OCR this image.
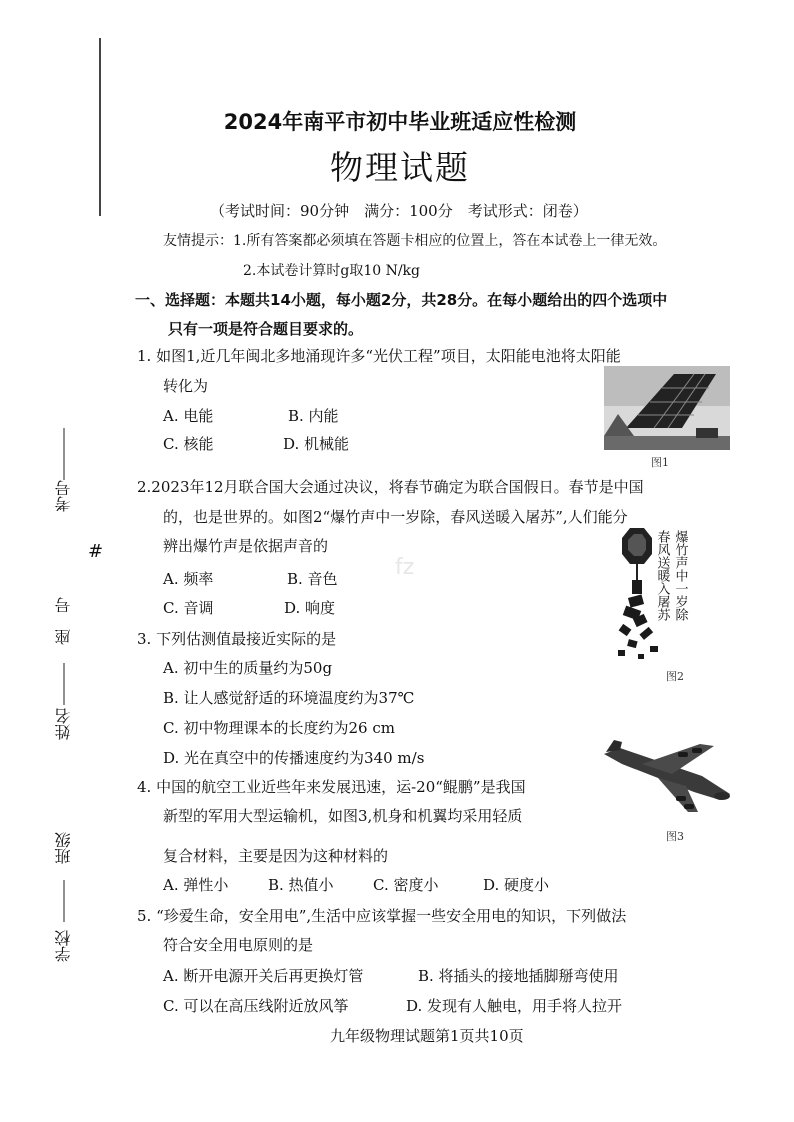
2024年南平市初中毕业班适应性检测
物理试题
（考试时间：90分钟　满分：100分　考试形式：闭卷）
友情提示：1.所有答案都必须填在答题卡相应的位置上，答在本试卷上一律无效。
2.本试卷计算时g取10 N/kg
一、选择题：本题共14小题，每小题2分，共28分。在每小题给出的四个选项中
只有一项是符合题目要求的。
1. 如图1,近几年闽北多地涌现许多“光伏工程”项目，太阳能电池将太阳能
转化为
A. 电能	B. 内能
C. 核能	D. 机械能
图1
2.2023年12月联合国大会通过决议，将春节确定为联合国假日。春节是中国
的，也是世界的。如图2“爆竹声中一岁除，春风送暖入屠苏”,人们能分
辨出爆竹声是依据声音的
A. 频率	B. 音色
C. 音调	D. 响度	爆竹声中一岁除
春风送暖入屠苏
图2
3. 下列估测值最接近实际的是
A. 初中生的质量约为50g
B. 让人感觉舒适的环境温度约为37℃
C. 初中物理课本的长度约为26 cm
D. 光在真空中的传播速度约为340 m/s
图3
4. 中国的航空工业近些年来发展迅速，运-20“鲲鹏”是我国
新型的军用大型运输机，如图3,机身和机翼均采用轻质
复合材料，主要是因为这种材料的
A. 弹性小	B. 热值小	C. 密度小	D. 硬度小
5. “珍爱生命，安全用电”,生活中应该掌握一些安全用电的知识，下列做法
符合安全用电原则的是
A. 断开电源开关后再更换灯管	B. 将插头的接地插脚掰弯使用
C. 可以在高压线附近放风筝	D. 发现有人触电，用手将人拉开
考号
座　号
姓名
班级
学校
#
fz
九年级物理试题第1页共10页
